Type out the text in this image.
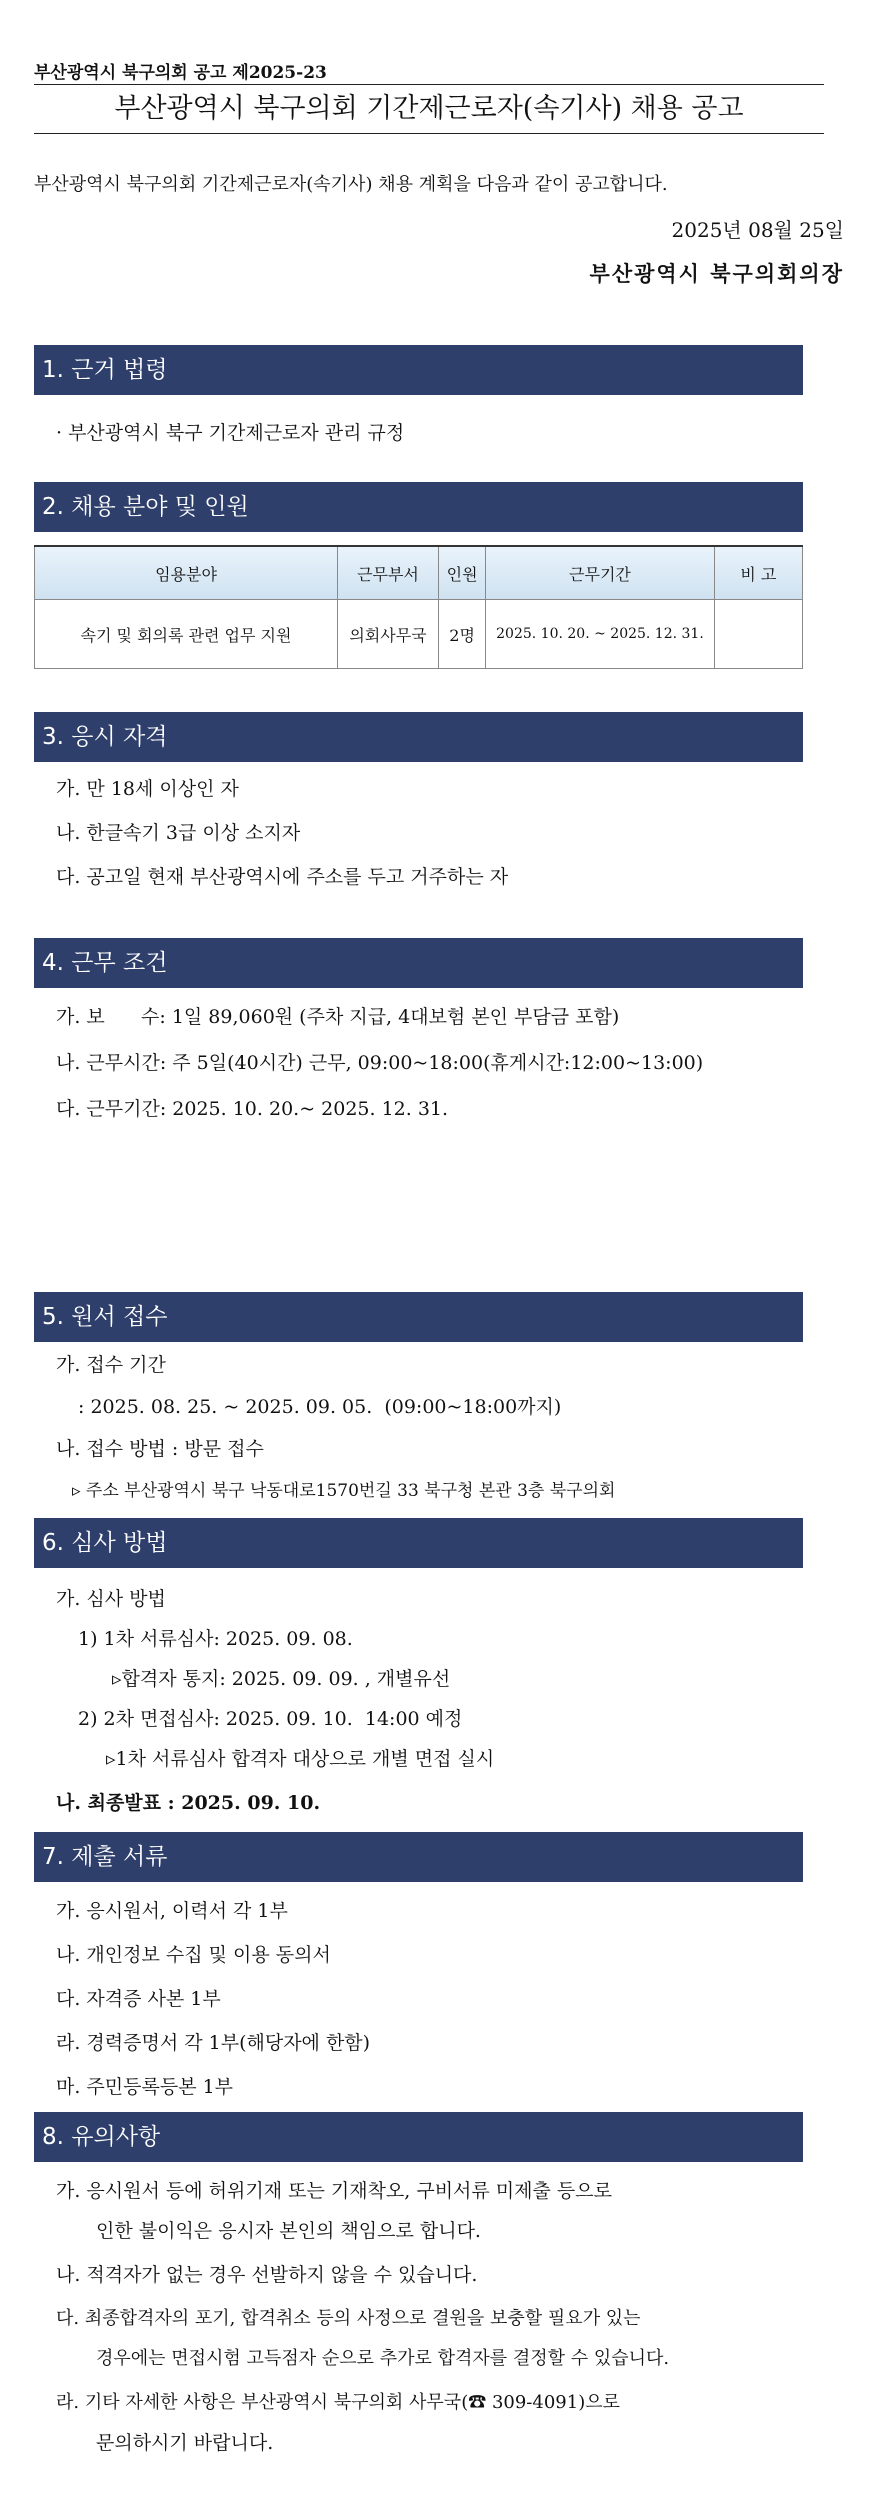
부산광역시 북구의회 공고 제2025-23
부산광역시 북구의회 기간제근로자(속기사) 채용 공고
부산광역시 북구의회 기간제근로자(속기사) 채용 계획을 다음과 같이 공고합니다.
2025년 08월 25일
부산광역시 북구의회의장
1. 근거 법령
· 부산광역시 북구 기간제근로자 관리 규정
2. 채용 분야 및 인원
임용분야	근무부서	인원	근무기간	비 고
속기 및 회의록 관련 업무 지원	의회사무국	2명	2025. 10. 20. ~ 2025. 12. 31.	
3. 응시 자격
가. 만 18세 이상인 자
나. 한글속기 3급 이상 소지자
다. 공고일 현재 부산광역시에 주소를 두고 거주하는 자
4. 근무 조건
가. 보      수: 1일 89,060원 (주차 지급, 4대보험 본인 부담금 포함)
나. 근무시간: 주 5일(40시간) 근무, 09:00~18:00(휴게시간:12:00~13:00)
다. 근무기간: 2025. 10. 20.~ 2025. 12. 31.
5. 원서 접수
가. 접수 기간
: 2025. 08. 25. ~ 2025. 09. 05.  (09:00~18:00까지)
나. 접수 방법 : 방문 접수
▹ 주소 부산광역시 북구 낙동대로1570번길 33 북구청 본관 3층 북구의회
6. 심사 방법
가. 심사 방법
1) 1차 서류심사: 2025. 09. 08.
▹합격자 통지: 2025. 09. 09. , 개별유선
2) 2차 면접심사: 2025. 09. 10.  14:00 예정
▹1차 서류심사 합격자 대상으로 개별 면접 실시
나. 최종발표 : 2025. 09. 10.
7. 제출 서류
가. 응시원서, 이력서 각 1부
나. 개인정보 수집 및 이용 동의서
다. 자격증 사본 1부
라. 경력증명서 각 1부(해당자에 한함)
마. 주민등록등본 1부
8. 유의사항
가. 응시원서 등에 허위기재 또는 기재착오, 구비서류 미제출 등으로
인한 불이익은 응시자 본인의 책임으로 합니다.
나. 적격자가 없는 경우 선발하지 않을 수 있습니다.
다. 최종합격자의 포기, 합격취소 등의 사정으로 결원을 보충할 필요가 있는
경우에는 면접시험 고득점자 순으로 추가로 합격자를 결정할 수 있습니다.
라. 기타 자세한 사항은 부산광역시 북구의회 사무국(☎ 309-4091)으로
문의하시기 바랍니다.
